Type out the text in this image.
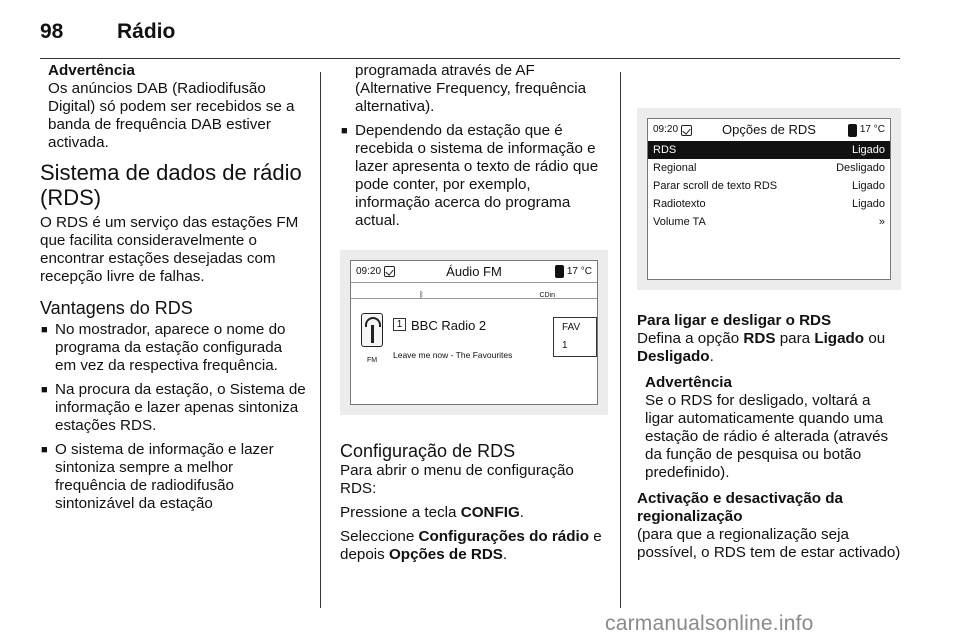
98	Rádio
Advertência
Os anúncios DAB (Radiodifusão Digital) só podem ser recebidos se a banda de frequência DAB estiver activada.
Sistema de dados de rádio (RDS)

O RDS é um serviço das estações FM que facilita consideravelmente o encontrar estações desejadas com recepção livre de falhas.

Vantagens do RDS
■ No mostrador, aparece o nome do programa da estação configurada em vez da respectiva frequência.
■ Na procura da estação, o Sistema de informação e lazer apenas sintoniza estações RDS.
■ O sistema de informação e lazer sintoniza sempre a melhor frequência de radiodifusão sintonizável da estação
programada através de AF (Alternative Frequency, frequência alternativa).
■ Dependendo da estação que é recebida o sistema de informação e lazer apresenta o texto de rádio que pode conter, por exemplo, informação acerca do programa actual.
09:20	Áudio FM	17 °C
ᛒ	CDin
FM
1 BBC Radio 2	FAV 1
Leave me now - The Favourites
Configuração de RDS

Para abrir o menu de configuração RDS:

Pressione a tecla CONFIG.

Seleccione Configurações do rádio e depois Opções de RDS.

09:20	Opções de RDS	17 °C
RDS	Ligado
Regional	Desligado
Parar scroll de texto RDS	Ligado
Radiotexto	Ligado
Volume TA	»
Para ligar e desligar o RDS

Defina a opção RDS para Ligado ou Desligado.

Advertência
Se o RDS for desligado, voltará a ligar automaticamente quando uma estação de rádio é alterada (através da função de pesquisa ou botão predefinido).
Activação e desactivação da regionalização

(para que a regionalização seja possível, o RDS tem de estar activado)

carmanualsonline.info
